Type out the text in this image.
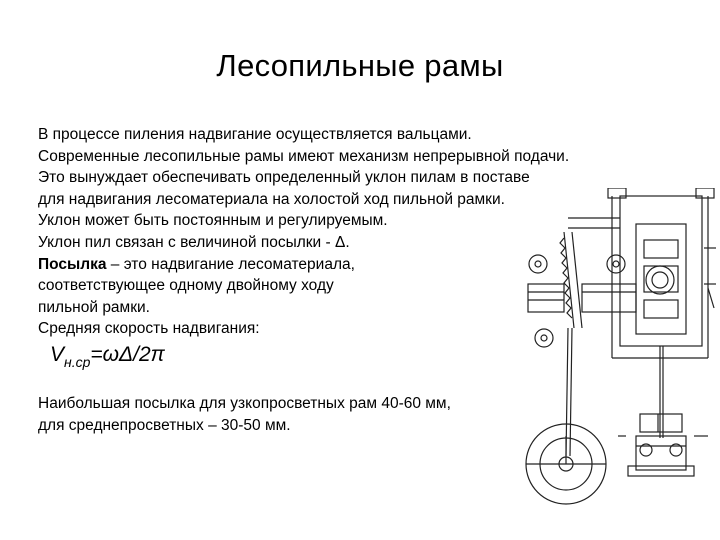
Лесопильные рамы
В процессе пиления надвигание осуществляется вальцами.
Современные лесопильные рамы имеют механизм непрерывной подачи.
Это вынуждает обеспечивать определенный уклон пилам в поставе
для надвигания лесоматериала на холостой ход пильной рамки.
Уклон может быть постоянным и регулируемым.
Уклон пил связан с величиной посылки - Δ.
Посылка – это надвигание лесоматериала,
соответствующее одному двойному ходу
пильной рамки.
Средняя скорость надвигания:
$V_{н.ср}=\omega\Delta/2\pi$
Наибольшая посылка для узкопросветных рам 40-60 мм,
для среднепросветных – 30-50 мм.
